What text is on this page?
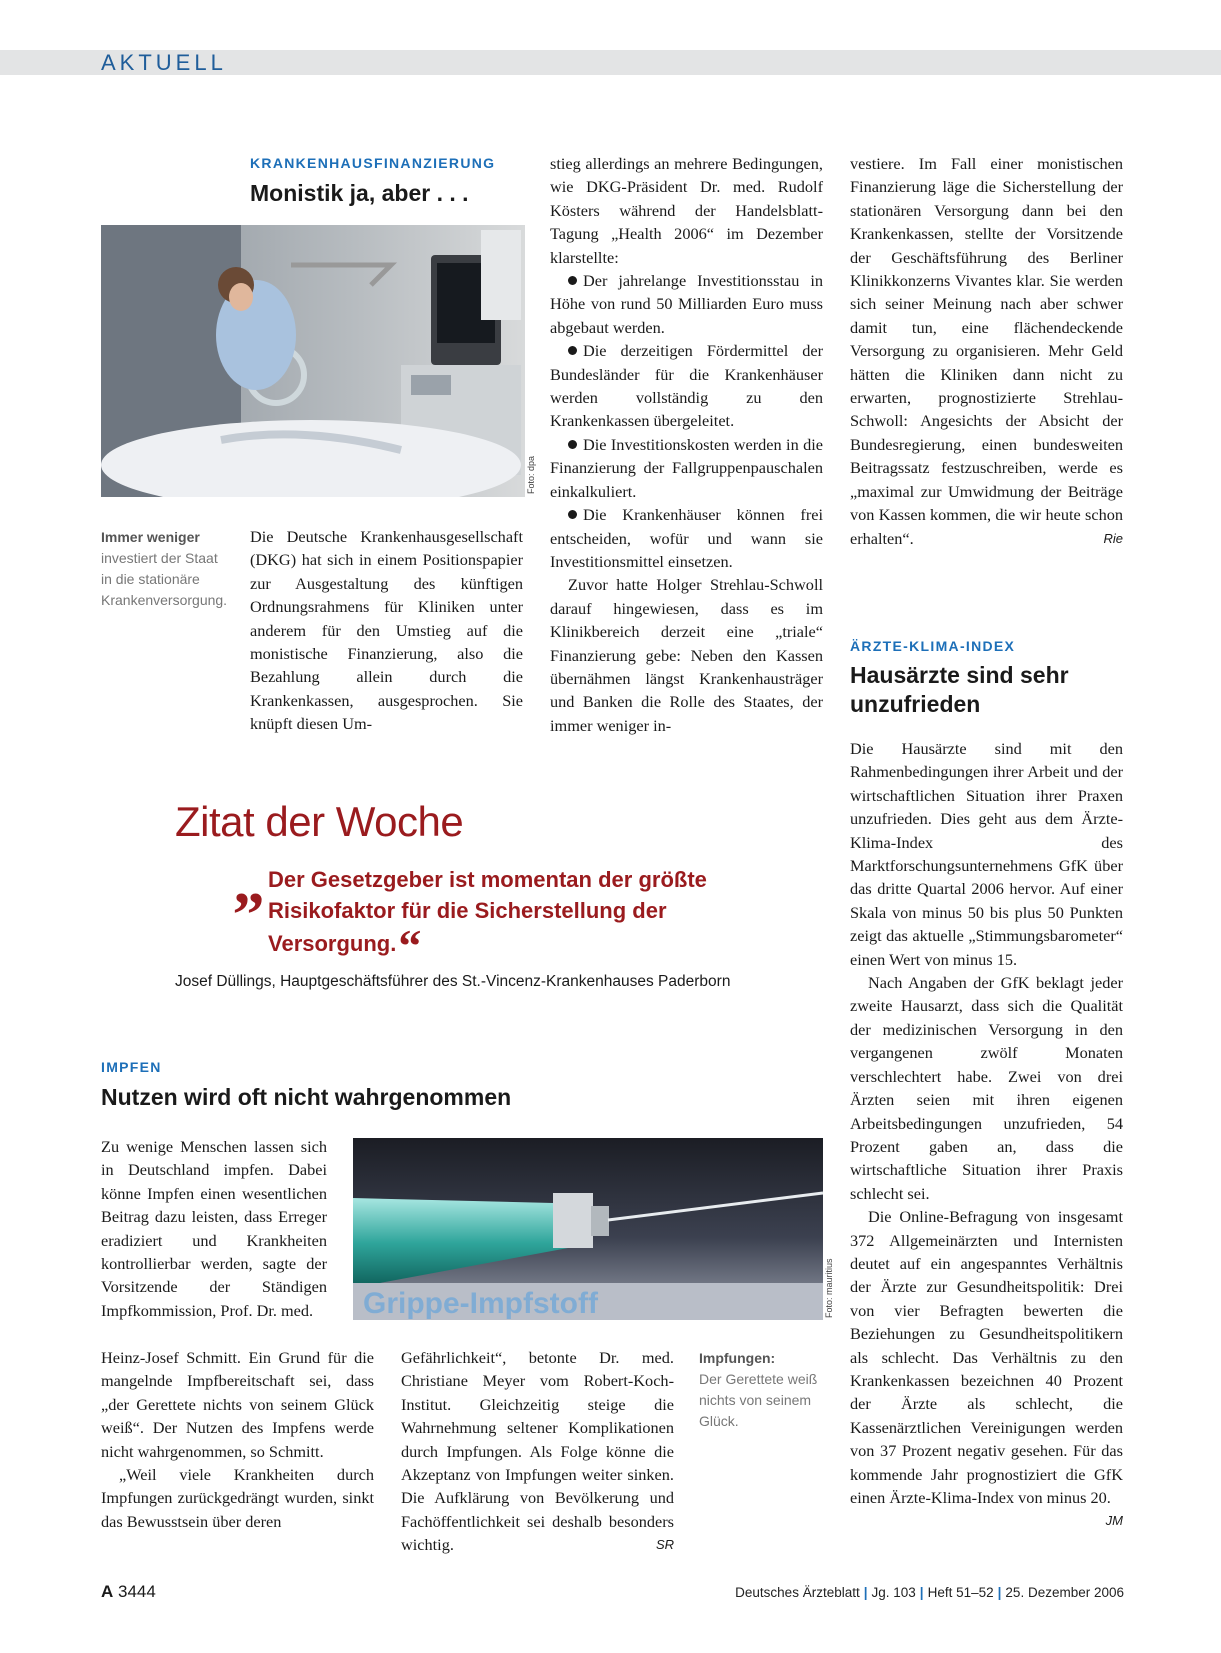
AKTUELL
KRANKENHAUSFINANZIERUNG
Monistik ja, aber . . .
Foto: dpa
Immer weniger investiert der Staat in die stationäre Krankenversorgung.

Die Deutsche Krankenhausgesellschaft (DKG) hat sich in einem Positionspapier zur Ausgestaltung des künftigen Ordnungsrahmens für Kliniken unter anderem für den Umstieg auf die monistische Finanzierung, also die Bezahlung allein durch die Krankenkassen, ausgesprochen. Sie knüpft diesen Um-

stieg allerdings an mehrere Bedingungen, wie DKG-Präsident Dr. med. Rudolf Kösters während der Handelsblatt-Tagung „Health 2006“ im Dezember klarstellte:

Der jahrelange Investitionsstau in Höhe von rund 50 Milliarden Euro muss abgebaut werden.

Die derzeitigen Fördermittel der Bundesländer für die Krankenhäuser werden vollständig zu den Krankenkassen übergeleitet.

Die Investitionskosten werden in die Finanzierung der Fallgruppenpauschalen einkalkuliert.

Die Krankenhäuser können frei entscheiden, wofür und wann sie Investitionsmittel einsetzen.

Zuvor hatte Holger Strehlau-Schwoll darauf hingewiesen, dass es im Klinikbereich derzeit eine „triale“ Finanzierung gebe: Neben den Kassen übernähmen längst Krankenhausträger und Banken die Rolle des Staates, der immer weniger in-

vestiere. Im Fall einer monistischen Finanzierung läge die Sicherstellung der stationären Versorgung dann bei den Krankenkassen, stellte der Vorsitzende der Geschäftsführung des Berliner Klinikkonzerns Vivantes klar. Sie werden sich seiner Meinung nach aber schwer damit tun, eine flächendeckende Versorgung zu organisieren. Mehr Geld hätten die Kliniken dann nicht zu erwarten, prognostizierte Strehlau-Schwoll: Angesichts der Absicht der Bundesregierung, einen bundesweiten Beitragssatz festzuschreiben, werde es „maximal zur Umwidmung der Beiträge von Kassen kommen, die wir heute schon erhalten“.	Rie

ÄRZTE-KLIMA-INDEX
Hausärzte sind sehr unzufrieden

Die Hausärzte sind mit den Rahmenbedingungen ihrer Arbeit und der wirtschaftlichen Situation ihrer Praxen unzufrieden. Dies geht aus dem Ärzte-Klima-Index des Marktforschungsunternehmens GfK über das dritte Quartal 2006 hervor. Auf einer Skala von minus 50 bis plus 50 Punkten zeigt das aktuelle „Stimmungsbarometer“ einen Wert von minus 15.

Nach Angaben der GfK beklagt jeder zweite Hausarzt, dass sich die Qualität der medizinischen Versorgung in den vergangenen zwölf Monaten verschlechtert habe. Zwei von drei Ärzten seien mit ihren eigenen Arbeitsbedingungen unzufrieden, 54 Prozent gaben an, dass die wirtschaftliche Situation ihrer Praxis schlecht sei.

Die Online-Befragung von insgesamt 372 Allgemeinärzten und Internisten deutet auf ein angespanntes Verhältnis der Ärzte zur Gesundheitspolitik: Drei von vier Befragten bewerten die Beziehungen zu Gesundheitspolitikern als schlecht. Das Verhältnis zu den Krankenkassen bezeichnen 40 Prozent der Ärzte als schlecht, die Kassenärztlichen Vereinigungen werden von 37 Prozent negativ gesehen. Für das kommende Jahr prognostiziert die GfK einen Ärzte-Klima-Index von minus 20.
JM

Zitat der Woche
„ Der Gesetzgeber ist momentan der größte Risikofaktor für die Sicherstellung der Versorgung.“
Josef Düllings, Hauptgeschäftsführer des St.-Vincenz-Krankenhauses Paderborn
IMPFEN
Nutzen wird oft nicht wahrgenommen
Grippe-Impfstoff	Foto: mauritius

Zu wenige Menschen lassen sich in Deutschland impfen. Dabei könne Impfen einen wesentlichen Beitrag dazu leisten, dass Erreger eradiziert und Krankheiten kontrollierbar werden, sagte der Vorsitzende der Ständigen Impfkommission, Prof. Dr. med.

Heinz-Josef Schmitt. Ein Grund für die mangelnde Impfbereitschaft sei, dass „der Gerettete nichts von seinem Glück weiß“. Der Nutzen des Impfens werde nicht wahrgenommen, so Schmitt.

„Weil viele Krankheiten durch Impfungen zurückgedrängt wurden, sinkt das Bewusstsein über deren

Gefährlichkeit“, betonte Dr. med. Christiane Meyer vom Robert-Koch-Institut. Gleichzeitig steige die Wahrnehmung seltener Komplikationen durch Impfungen. Als Folge könne die Akzeptanz von Impfungen weiter sinken. Die Aufklärung von Bevölkerung und Fachöffentlichkeit sei deshalb besonders wichtig.	SR

Impfungen:
Der Gerettete weiß nichts von seinem Glück.
A 3444	Deutsches Ärzteblatt | Jg. 103 | Heft 51–52 | 25. Dezember 2006
